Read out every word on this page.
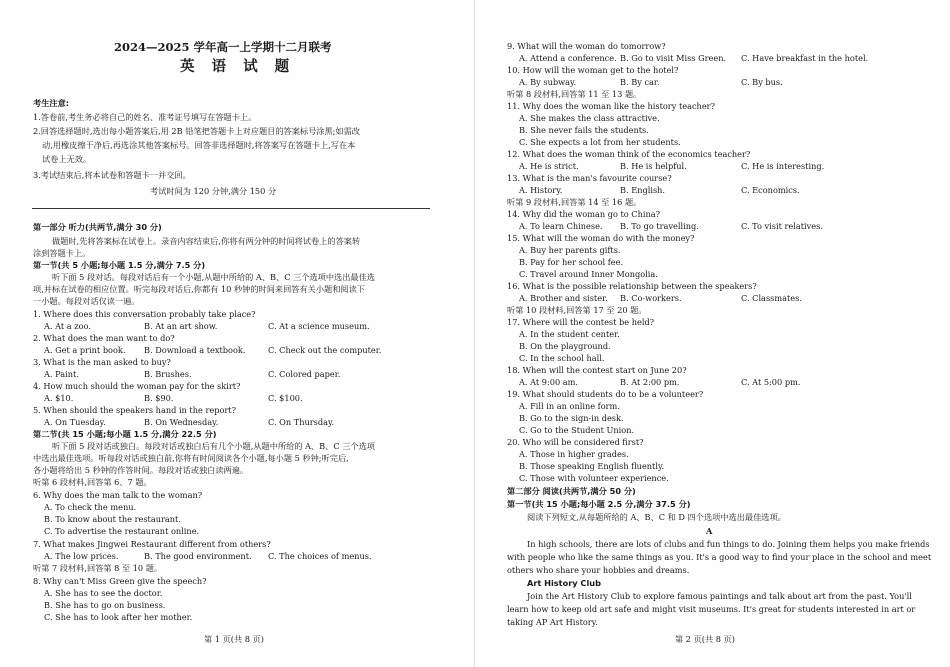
2024—2025 学年高一上学期十二月联考
英 语 试 题
考生注意:
1.答卷前,考生务必将自己的姓名、准考证号填写在答题卡上。
2.回答选择题时,选出每小题答案后,用 2B 铅笔把答题卡上对应题目的答案标号涂黑;如需改
动,用橡皮擦干净后,再选涂其他答案标号。回答非选择题时,将答案写在答题卡上,写在本
试卷上无效。
3.考试结束后,将本试卷和答题卡一并交回。
考试时间为 120 分钟,满分 150 分
第一部分 听力(共两节,满分 30 分)
做题时,先将答案标在试卷上。录音内容结束后,你将有两分钟的时间将试卷上的答案转
涂到答题卡上。
第一节(共 5 小题;每小题 1.5 分,满分 7.5 分)
听下面 5 段对话。每段对话后有一个小题,从题中所给的 A、B、C 三个选项中选出最佳选
项,并标在试卷的相应位置。听完每段对话后,你都有 10 秒钟的时间来回答有关小题和阅读下
一小题。每段对话仅读一遍。
1. Where does this conversation probably take place?
A. At a zoo.	B. At an art show.	C. At a science museum.
2. What does the man want to do?
A. Get a print book. B. Download a textbook.	C. Check out the computer.
3. What is the man asked to buy?
A. Paint.	B. Brushes.	C. Colored paper.
4. How much should the woman pay for the skirt?
A. $10.	B. $90.	C. $100.
5. When should the speakers hand in the report?
A. On Tuesday.	B. On Wednesday.	C. On Thursday.
第二节(共 15 小题;每小题 1.5 分,满分 22.5 分)
听下面 5 段对话或独白。每段对话或独白后有几个小题,从题中所给的 A、B、C 三个选项
中选出最佳选项。听每段对话或独白前,你将有时间阅读各个小题,每小题 5 秒钟;听完后,
各小题将给出 5 秒钟的作答时间。每段对话或独白读两遍。
听第 6 段材料,回答第 6、7 题。
6. Why does the man talk to the woman?
A. To check the menu.
B. To know about the restaurant.
C. To advertise the restaurant online.
7. What makes Jingwei Restaurant different from others?
A. The low prices.	B. The good environment. C. The choices of menus.
听第 7 段材料,回答第 8 至 10 题。
8. Why can't Miss Green give the speech?
A. She has to see the doctor.
B. She has to go on business.
C. She has to look after her mother.
第 1 页(共 8 页)
9. What will the woman do tomorrow?
A. Attend a conference. B. Go to visit Miss Green. C. Have breakfast in the hotel.
10. How will the woman get to the hotel?
A. By subway.	B. By car.	C. By bus.
听第 8 段材料,回答第 11 至 13 题。
11. Why does the woman like the history teacher?
A. She makes the class attractive.
B. She never fails the students.
C. She expects a lot from her students.
12. What does the woman think of the economics teacher?
A. He is strict.	B. He is helpful.	C. He is interesting.
13. What is the man's favourite course?
A. History.	B. English.	C. Economics.
听第 9 段材料,回答第 14 至 16 题。
14. Why did the woman go to China?
A. To learn Chinese. B. To go travelling.	C. To visit relatives.
15. What will the woman do with the money?
A. Buy her parents gifts.
B. Pay for her school fee.
C. Travel around Inner Mongolia.
16. What is the possible relationship between the speakers?
A. Brother and sister. B. Co-workers.	C. Classmates.
听第 10 段材料,回答第 17 至 20 题。
17. Where will the contest be held?
A. In the student center.
B. On the playground.
C. In the school hall.
18. When will the contest start on June 20?
A. At 9:00 am.	B. At 2:00 pm.	C. At 5:00 pm.
19. What should students do to be a volunteer?
A. Fill in an online form.
B. Go to the sign-in desk.
C. Go to the Student Union.
20. Who will be considered first?
A. Those in higher grades.
B. Those speaking English fluently.
C. Those with volunteer experience.
第二部分 阅读(共两节,满分 50 分)
第一节(共 15 小题;每小题 2.5 分,满分 37.5 分)
阅读下列短文,从每题所给的 A、B、C 和 D 四个选项中选出最佳选项。
A
In high schools, there are lots of clubs and fun things to do. Joining them helps you make friends
with people who like the same things as you. It's a good way to find your place in the school and meet
others who share your hobbies and dreams.
Art History Club
Join the Art History Club to explore famous paintings and talk about art from the past. You'll
learn how to keep old art safe and might visit museums. It's great for students interested in art or
taking AP Art History.
第 2 页(共 8 页)
